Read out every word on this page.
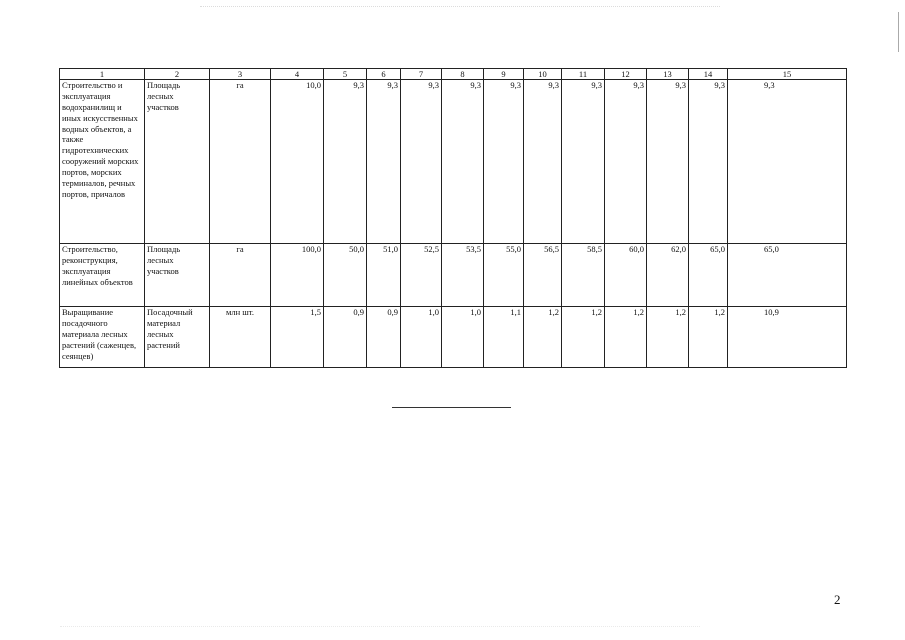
1	2	3	4	5	6	7	8	9	10	11	12	13	14	15
Строительство и эксплуатация водохранилищ и иных искусственных водных объектов, а также гидротехнических сооружений морских портов, морских терминалов, речных портов, причалов	Площадь лесных участков	га	10,0	9,3	9,3	9,3	9,3	9,3	9,3	9,3	9,3	9,3	9,3	9,3
Строительство, реконструкция, эксплуатация линейных объектов	Площадь лесных участков	га	100,0	50,0	51,0	52,5	53,5	55,0	56,5	58,5	60,0	62,0	65,0	65,0
Выращивание посадочного материала лесных растений (саженцев, сеянцев)	Посадочный материал лесных растений	млн шт.	1,5	0,9	0,9	1,0	1,0	1,1	1,2	1,2	1,2	1,2	1,2	10,9
2
